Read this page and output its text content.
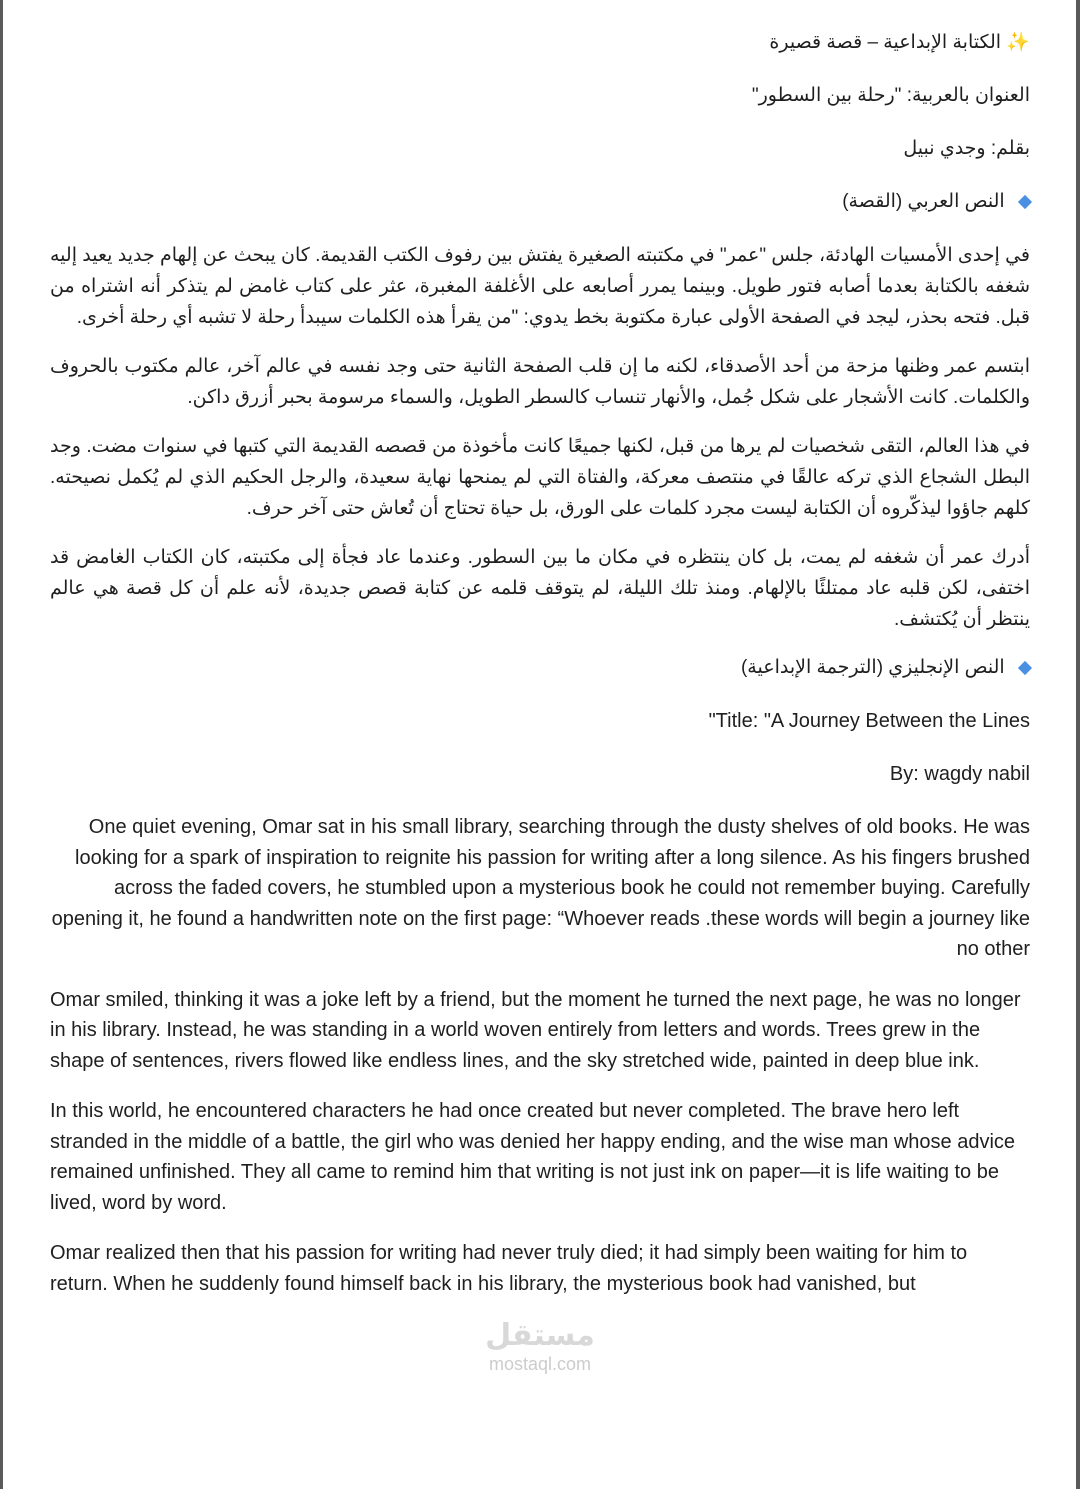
✨ الكتابة الإبداعية – قصة قصيرة
العنوان بالعربية: "رحلة بين السطور"
بقلم: وجدي نبيل
النص العربي (القصة)

في إحدى الأمسيات الهادئة، جلس "عمر" في مكتبته الصغيرة يفتش بين رفوف الكتب القديمة. كان يبحث عن إلهام جديد يعيد إليه شغفه بالكتابة بعدما أصابه فتور طويل. وبينما يمرر أصابعه على الأغلفة المغبرة، عثر على كتاب غامض لم يتذكر أنه اشتراه من قبل. فتحه بحذر، ليجد في الصفحة الأولى عبارة مكتوبة بخط يدوي: "من يقرأ هذه الكلمات سيبدأ رحلة لا تشبه أي رحلة أخرى.

ابتسم عمر وظنها مزحة من أحد الأصدقاء، لكنه ما إن قلب الصفحة الثانية حتى وجد نفسه في عالم آخر، عالم مكتوب بالحروف والكلمات. كانت الأشجار على شكل جُمل، والأنهار تنساب كالسطر الطويل، والسماء مرسومة بحبر أزرق داكن.

في هذا العالم، التقى شخصيات لم يرها من قبل، لكنها جميعًا كانت مأخوذة من قصصه القديمة التي كتبها في سنوات مضت. وجد البطل الشجاع الذي تركه عالقًا في منتصف معركة، والفتاة التي لم يمنحها نهاية سعيدة، والرجل الحكيم الذي لم يُكمل نصيحته. كلهم جاؤوا ليذكّروه أن الكتابة ليست مجرد كلمات على الورق، بل حياة تحتاج أن تُعاش حتى آخر حرف.

أدرك عمر أن شغفه لم يمت، بل كان ينتظره في مكان ما بين السطور. وعندما عاد فجأة إلى مكتبته، كان الكتاب الغامض قد اختفى، لكن قلبه عاد ممتلئًا بالإلهام. ومنذ تلك الليلة، لم يتوقف قلمه عن كتابة قصص جديدة، لأنه علم أن كل قصة هي عالم ينتظر أن يُكتشف.

النص الإنجليزي (الترجمة الإبداعية)
"Title: "A Journey Between the Lines
By: wagdy nabil

One quiet evening, Omar sat in his small library, searching through the dusty shelves of old books. He was looking for a spark of inspiration to reignite his passion for writing after a long silence. As his fingers brushed across the faded covers, he stumbled upon a mysterious book he could not remember buying. Carefully opening it, he found a handwritten note on the first page: “Whoever reads .these words will begin a journey like no other

Omar smiled, thinking it was a joke left by a friend, but the moment he turned the next page, he was no longer in his library. Instead, he was standing in a world woven entirely from letters and words. Trees grew in the shape of sentences, rivers flowed like endless lines, and the sky stretched wide, painted in deep blue ink.

In this world, he encountered characters he had once created but never completed. The brave hero left stranded in the middle of a battle, the girl who was denied her happy ending, and the wise man whose advice remained unfinished. They all came to remind him that writing is not just ink on paper—it is life waiting to be lived, word by word.

Omar realized then that his passion for writing had never truly died; it had simply been waiting for him to return. When he suddenly found himself back in his library, the mysterious book had vanished, but

مستقل
mostaql.com
